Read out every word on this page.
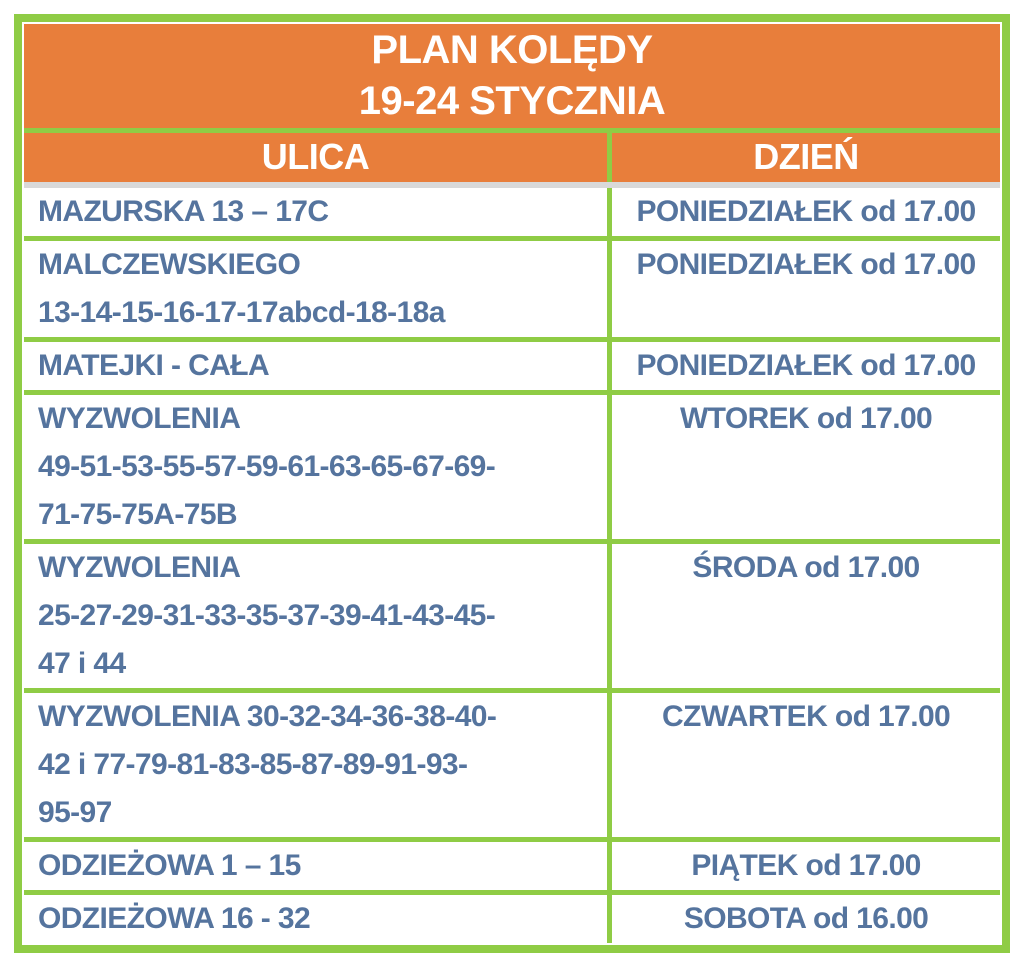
PLAN KOLĘDY
19-24 STYCZNIA	

ULICA	DZIEŃ

MAZURSKA 13 – 17C	PONIEDZIAŁEK od 17.00

MALCZEWSKIEGO
13-14-15-16-17-17abcd-18-18a	PONIEDZIAŁEK od 17.00

MATEJKI - CAŁA	PONIEDZIAŁEK od 17.00

WYZWOLENIA
49-51-53-55-57-59-61-63-65-67-69-
71-75-75A-75B	WTOREK od 17.00

WYZWOLENIA
25-27-29-31-33-35-37-39-41-43-45-
47 i 44	ŚRODA od 17.00

WYZWOLENIA 30-32-34-36-38-40-
42 i 77-79-81-83-85-87-89-91-93-
95-97	CZWARTEK od 17.00

ODZIEŻOWA 1 – 15	PIĄTEK od 17.00

ODZIEŻOWA 16 - 32	SOBOTA od 16.00
